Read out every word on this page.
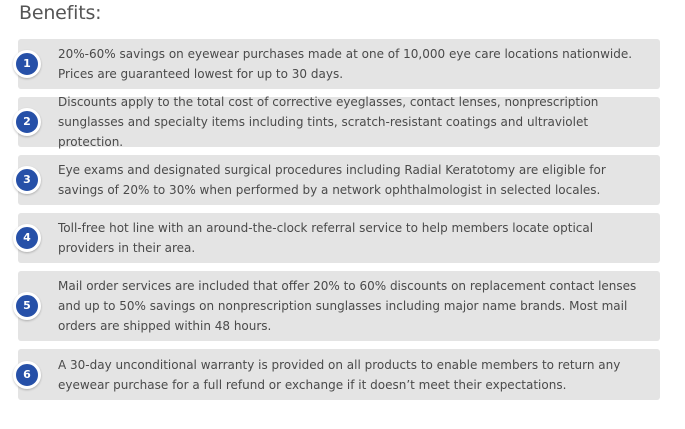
Benefits:
1

20%-60% savings on eyewear purchases made at one of 10,000 eye care locations nationwide. Prices are guaranteed lowest for up to 30 days.

2

Discounts apply to the total cost of corrective eyeglasses, contact lenses, nonprescription sunglasses and specialty items including tints, scratch-resistant coatings and ultraviolet protection.

3

Eye exams and designated surgical procedures including Radial Keratotomy are eligible for savings of 20% to 30% when performed by a network ophthalmologist in selected locales.

4

Toll-free hot line with an around-the-clock referral service to help members locate optical providers in their area.

5

Mail order services are included that offer 20% to 60% discounts on replacement contact lenses and up to 50% savings on nonprescription sunglasses including major name brands. Most mail orders are shipped within 48 hours.

6

A 30-day unconditional warranty is provided on all products to enable members to return any eyewear purchase for a full refund or exchange if it doesn’t meet their expectations.
